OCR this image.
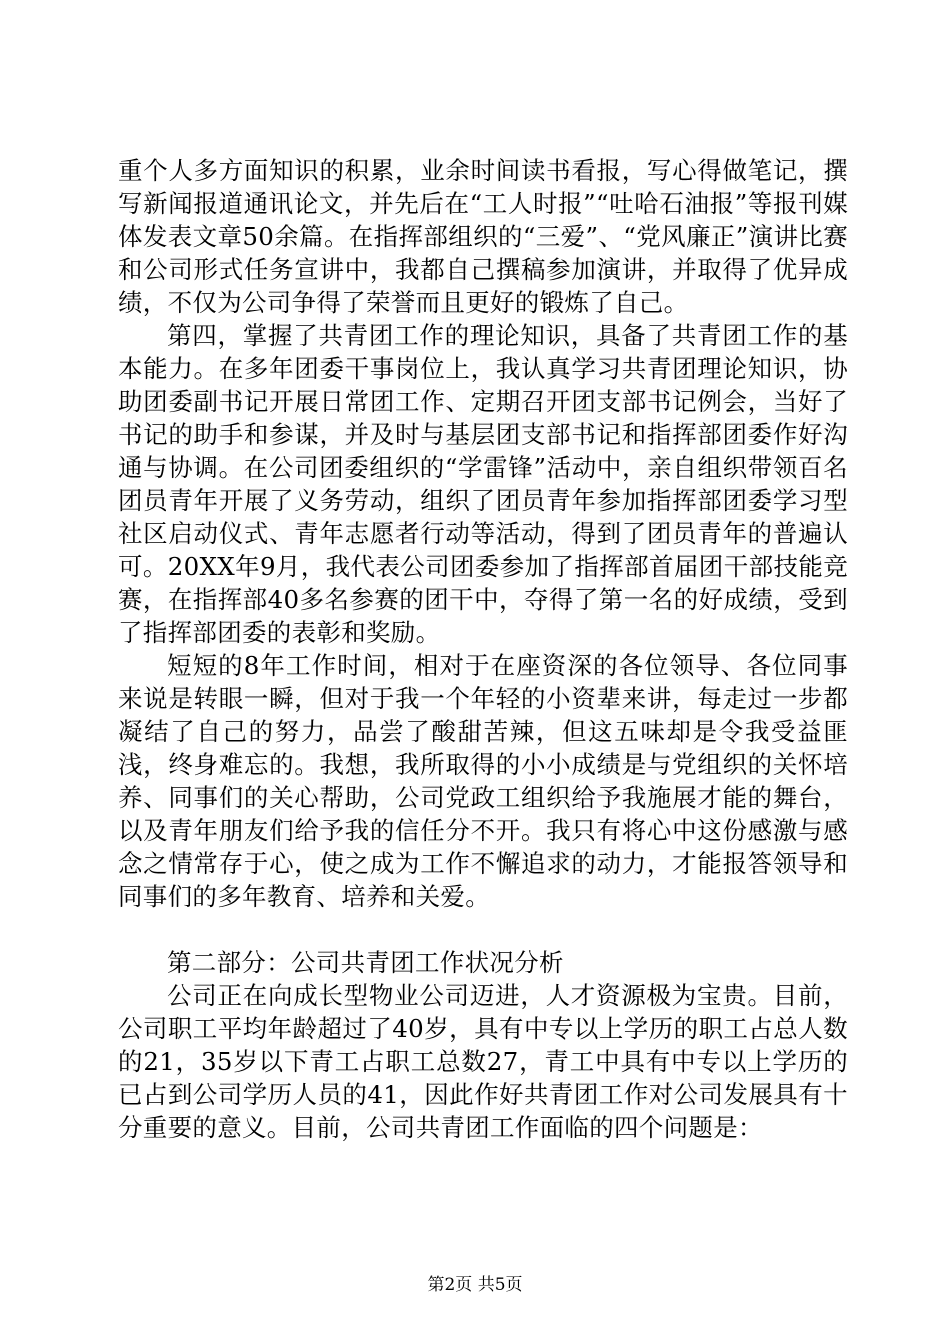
重个人多方面知识的积累，业余时间读书看报，写心得做笔记，撰写新闻报道通讯论文，并先后在“工人时报”“吐哈石油报”等报刊媒体发表文章50余篇。在指挥部组织的“三爱”、“党风廉正”演讲比赛和公司形式任务宣讲中，我都自己撰稿参加演讲，并取得了优异成绩，不仅为公司争得了荣誉而且更好的锻炼了自己。

第四，掌握了共青团工作的理论知识，具备了共青团工作的基本能力。在多年团委干事岗位上，我认真学习共青团理论知识，协助团委副书记开展日常团工作、定期召开团支部书记例会，当好了书记的助手和参谋，并及时与基层团支部书记和指挥部团委作好沟通与协调。在公司团委组织的“学雷锋”活动中，亲自组织带领百名团员青年开展了义务劳动，组织了团员青年参加指挥部团委学习型社区启动仪式、青年志愿者行动等活动，得到了团员青年的普遍认可。20XX年9月，我代表公司团委参加了指挥部首届团干部技能竞赛，在指挥部40多名参赛的团干中，夺得了第一名的好成绩，受到了指挥部团委的表彰和奖励。

短短的8年工作时间，相对于在座资深的各位领导、各位同事来说是转眼一瞬，但对于我一个年轻的小资辈来讲，每走过一步都凝结了自己的努力，品尝了酸甜苦辣，但这五味却是令我受益匪浅，终身难忘的。我想，我所取得的小小成绩是与党组织的关怀培养、同事们的关心帮助，公司党政工组织给予我施展才能的舞台，以及青年朋友们给予我的信任分不开。我只有将心中这份感激与感念之情常存于心，使之成为工作不懈追求的动力，才能报答领导和同事们的多年教育、培养和关爱。

第二部分：公司共青团工作状况分析

公司正在向成长型物业公司迈进，人才资源极为宝贵。目前，公司职工平均年龄超过了40岁，具有中专以上学历的职工占总人数的21，35岁以下青工占职工总数27，青工中具有中专以上学历的已占到公司学历人员的41，因此作好共青团工作对公司发展具有十分重要的意义。目前，公司共青团工作面临的四个问题是：

第2页 共5页
